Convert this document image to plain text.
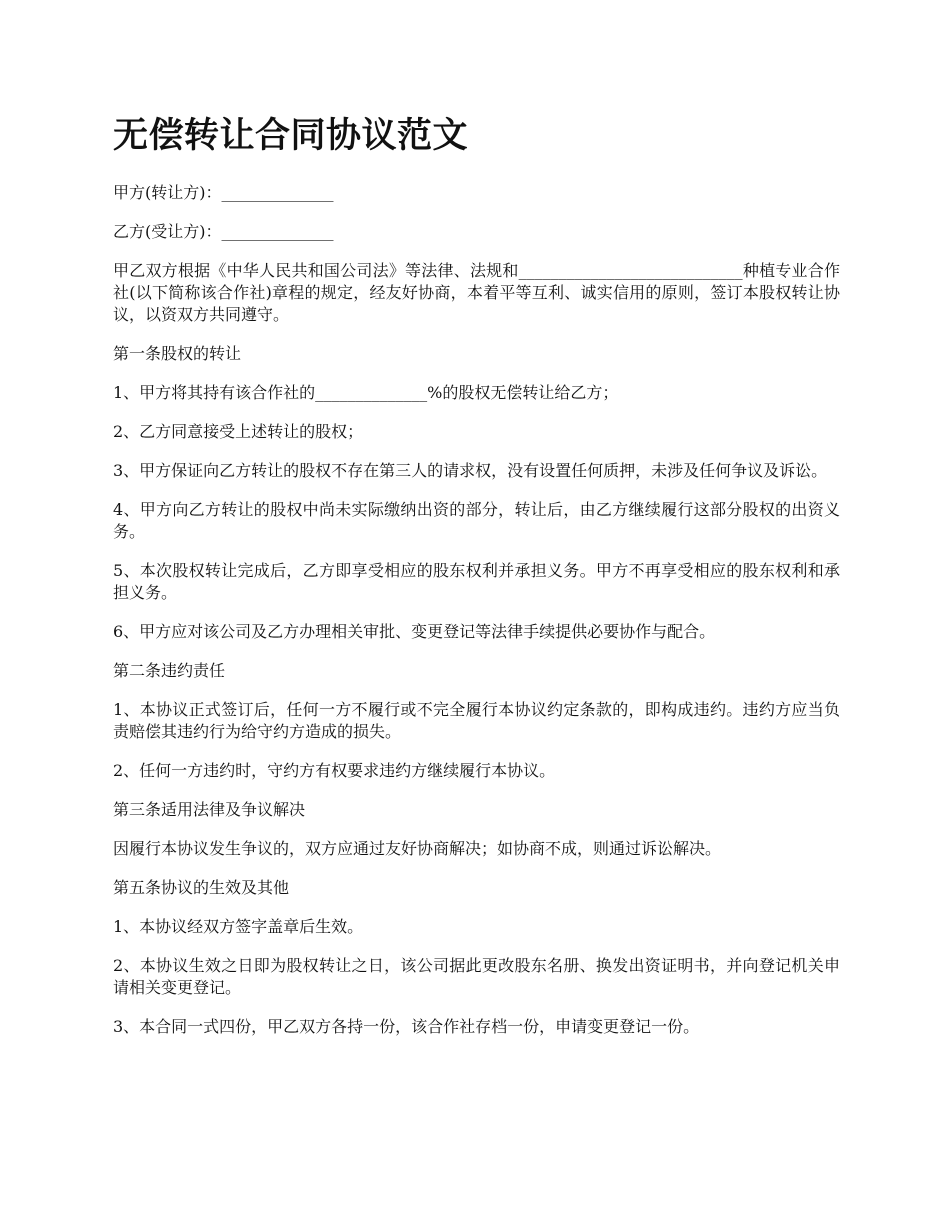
无偿转让合同协议范文

甲方(转让方)：______________

乙方(受让方)：______________

甲乙双方根据《中华人民共和国公司法》等法律、法规和____________________________种植专业合作社(以下简称该合作社)章程的规定，经友好协商，本着平等互利、诚实信用的原则，签订本股权转让协议，以资双方共同遵守。

第一条股权的转让

1、甲方将其持有该合作社的______________%的股权无偿转让给乙方；

2、乙方同意接受上述转让的股权；

3、甲方保证向乙方转让的股权不存在第三人的请求权，没有设置任何质押，未涉及任何争议及诉讼。

4、甲方向乙方转让的股权中尚未实际缴纳出资的部分，转让后，由乙方继续履行这部分股权的出资义务。

5、本次股权转让完成后，乙方即享受相应的股东权利并承担义务。甲方不再享受相应的股东权利和承担义务。

6、甲方应对该公司及乙方办理相关审批、变更登记等法律手续提供必要协作与配合。

第二条违约责任

1、本协议正式签订后，任何一方不履行或不完全履行本协议约定条款的，即构成违约。违约方应当负责赔偿其违约行为给守约方造成的损失。

2、任何一方违约时，守约方有权要求违约方继续履行本协议。

第三条适用法律及争议解决

因履行本协议发生争议的，双方应通过友好协商解决；如协商不成，则通过诉讼解决。

第五条协议的生效及其他

1、本协议经双方签字盖章后生效。

2、本协议生效之日即为股权转让之日，该公司据此更改股东名册、换发出资证明书，并向登记机关申请相关变更登记。

3、本合同一式四份，甲乙双方各持一份，该合作社存档一份，申请变更登记一份。
